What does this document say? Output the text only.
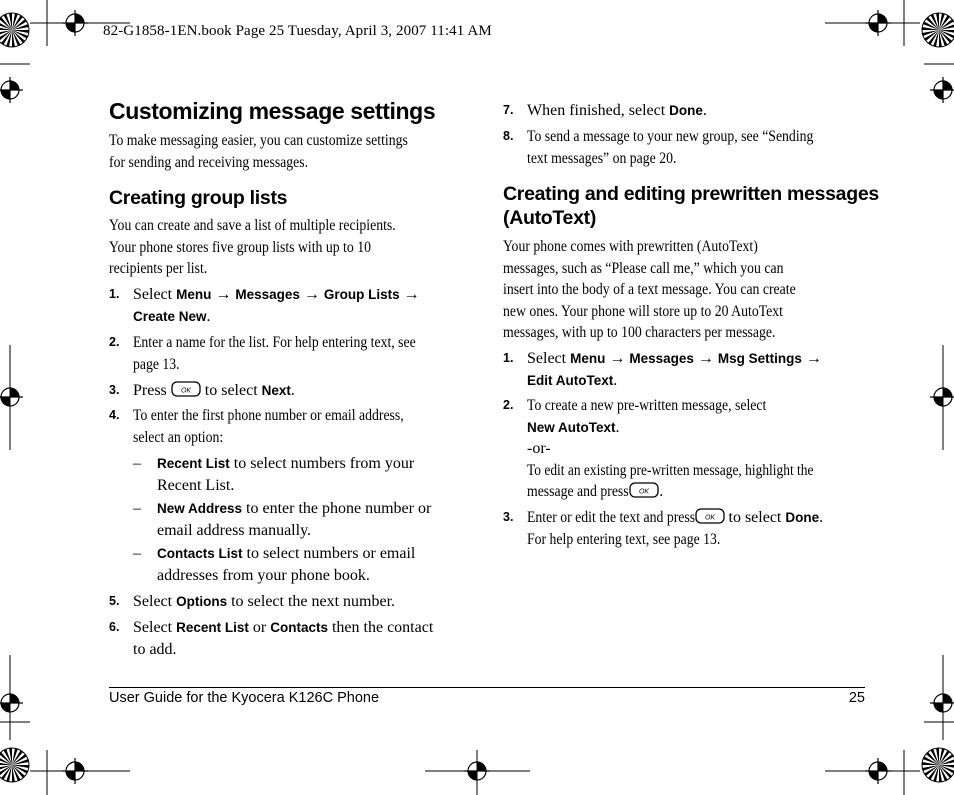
82-G1858-1EN.book Page 25 Tuesday, April 3, 2007 11:41 AM
Customizing message settings
To make messaging easier, you can customize settings
for sending and receiving messages.
Creating group lists
You can create and save a list of multiple recipients.
Your phone stores five group lists with up to 10
recipients per list.
1. Select Menu → Messages → Group Lists →
Create New.
2. Enter a name for the list. For help entering text, see
page 13.
3. Press OK to select Next.
4. To enter the first phone number or email address,
select an option:
– Recent List to select numbers from your
Recent List.
– New Address to enter the phone number or
email address manually.
– Contacts List to select numbers or email
addresses from your phone book.
5. Select Options to select the next number.
6. Select Recent List or Contacts then the contact
to add.
7. When finished, select Done.
8. To send a message to your new group, see “Sending
text messages” on page 20.
Creating and editing prewritten messages
(AutoText)
Your phone comes with prewritten (AutoText)
messages, such as “Please call me,” which you can
insert into the body of a text message. You can create
new ones. Your phone will store up to 20 AutoText
messages, with up to 100 characters per message.
1. Select Menu → Messages → Msg Settings →
Edit AutoText.
2. To create a new pre-written message, select
New AutoText.
-or-
To edit an existing pre-written message, highlight the
message and press OK .
3. Enter or edit the text and press OK to select Done.
For help entering text, see page 13.
User Guide for the Kyocera K126C Phone	25
